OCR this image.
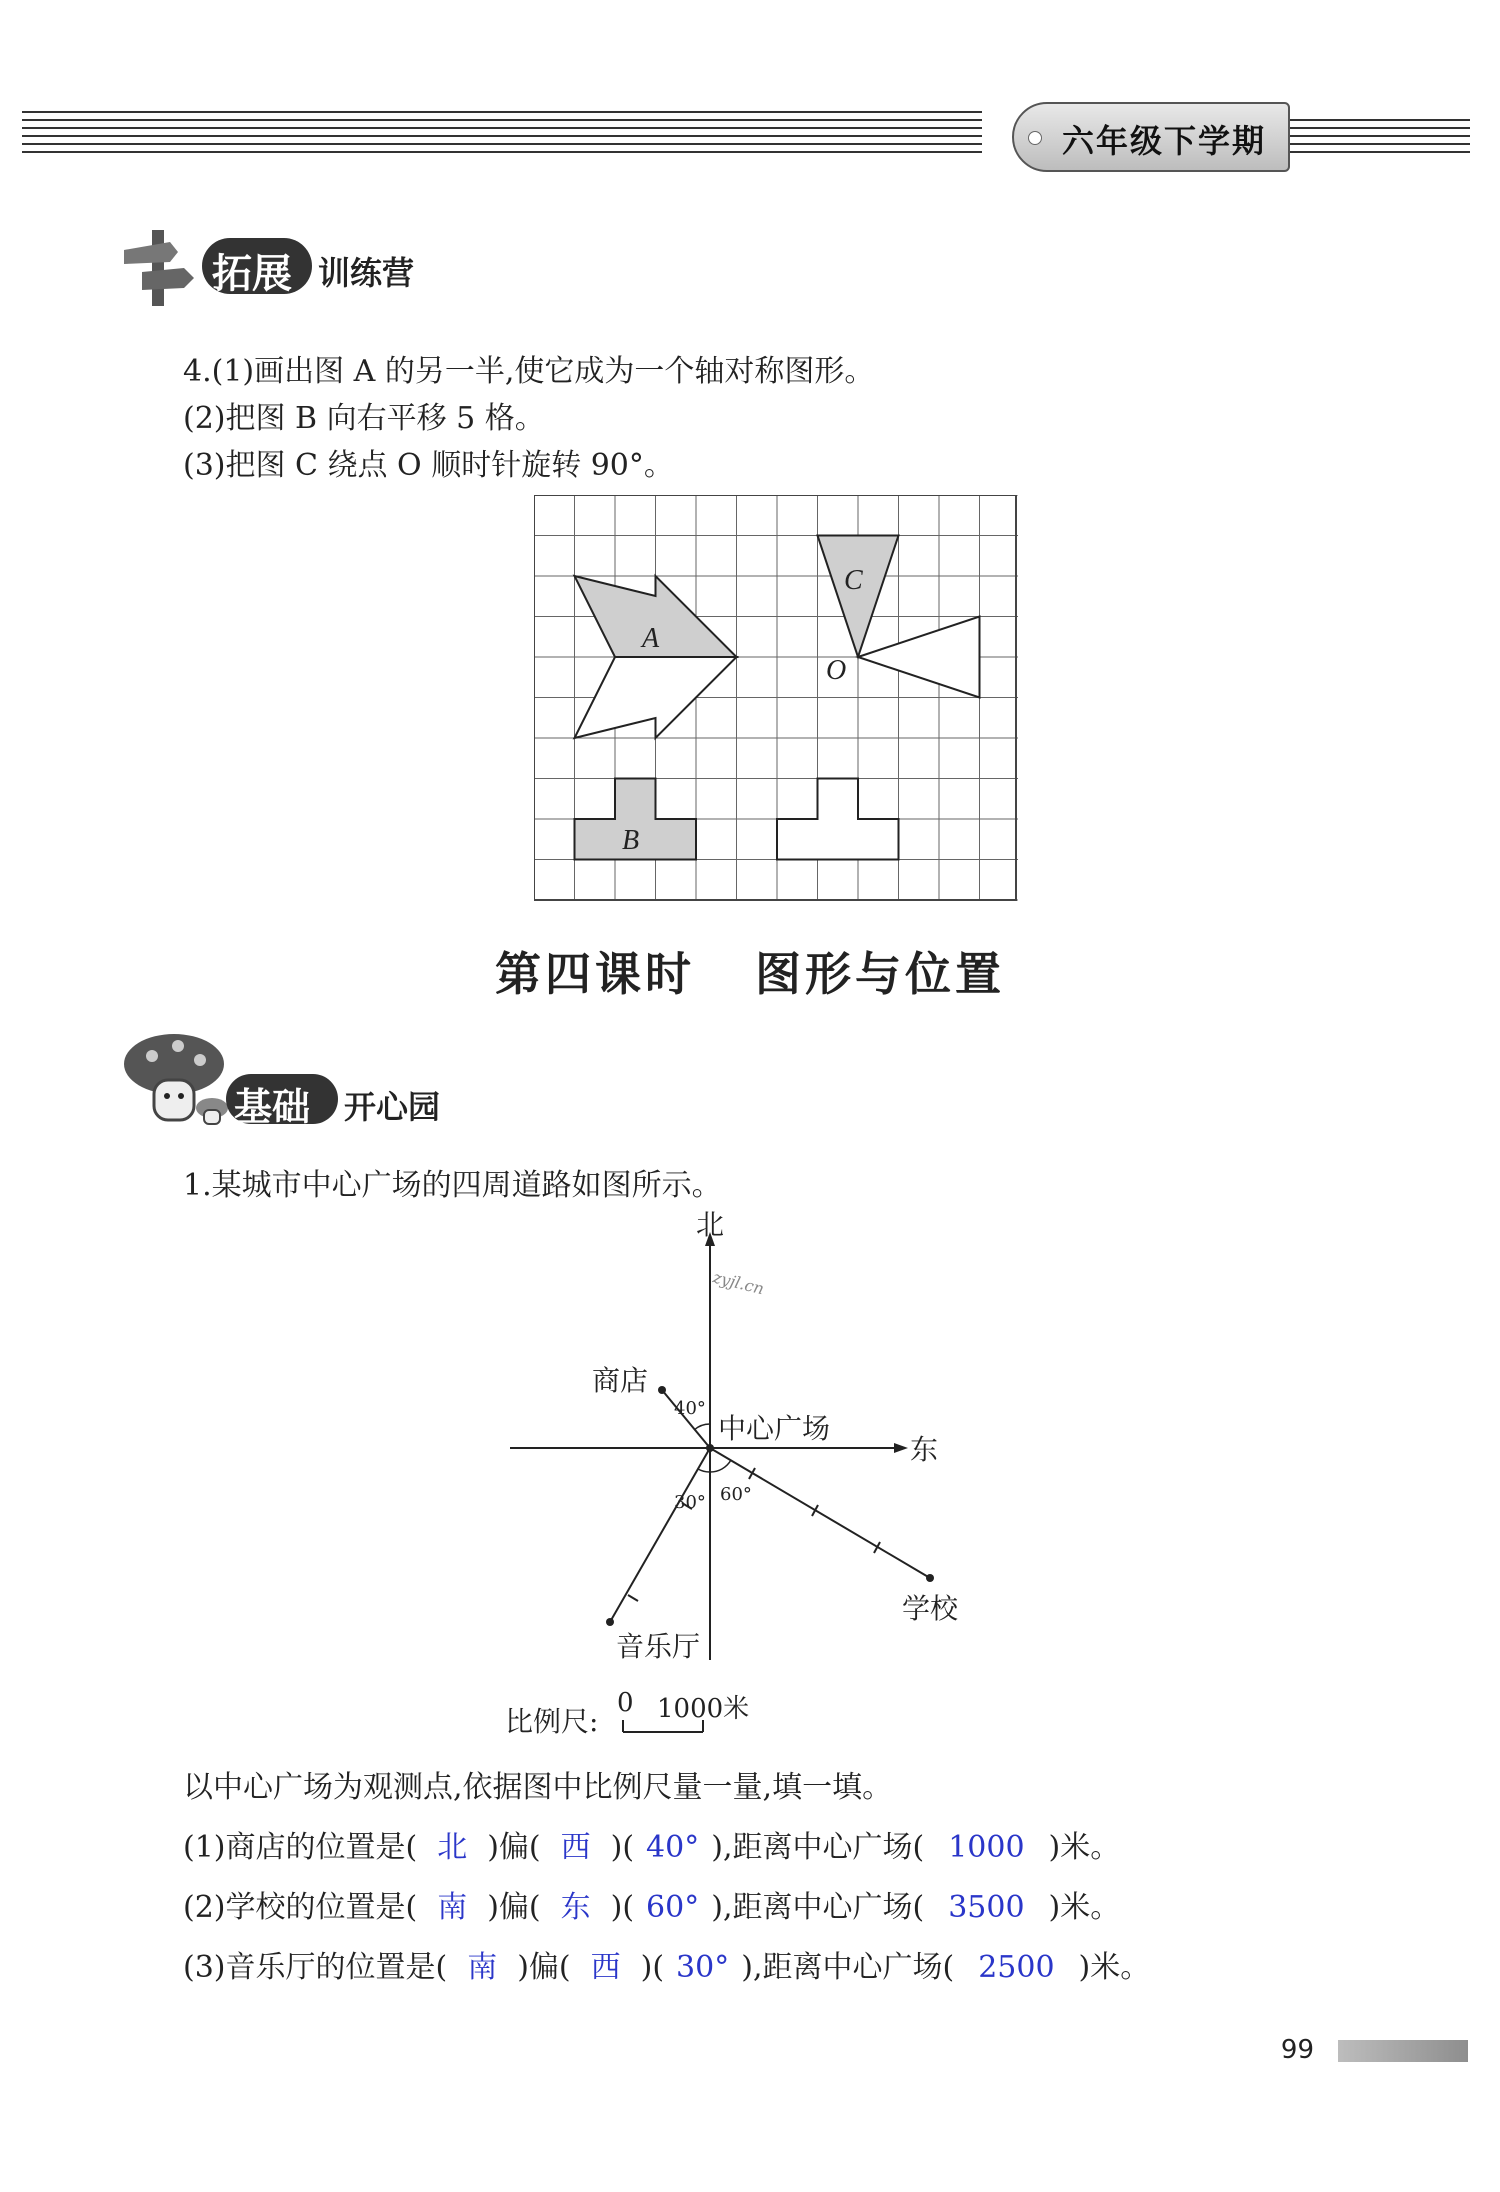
六年级下学期
拓展 训练营
4.(1)画出图 A 的另一半,使它成为一个轴对称图形。
(2)把图 B 向右平移 5 格。
(3)把图 C 绕点 O 顺时针旋转 90°。
A
B
C
O
第四课时 图形与位置
基础 开心园
1.某城市中心广场的四周道路如图所示。
北
东
中心广场
商店
学校
音乐厅
40°
60°
30°
zyjl.cn
比例尺:
0 1000米
以中心广场为观测点,依据图中比例尺量一量,填一填。
(1)商店的位置是( 北 )偏( 西 )( 40° ),距离中心广场( 1000 )米。
(2)学校的位置是( 南 )偏( 东 )( 60° ),距离中心广场( 3500 )米。
(3)音乐厅的位置是( 南 )偏( 西 )( 30° ),距离中心广场( 2500 )米。
99
